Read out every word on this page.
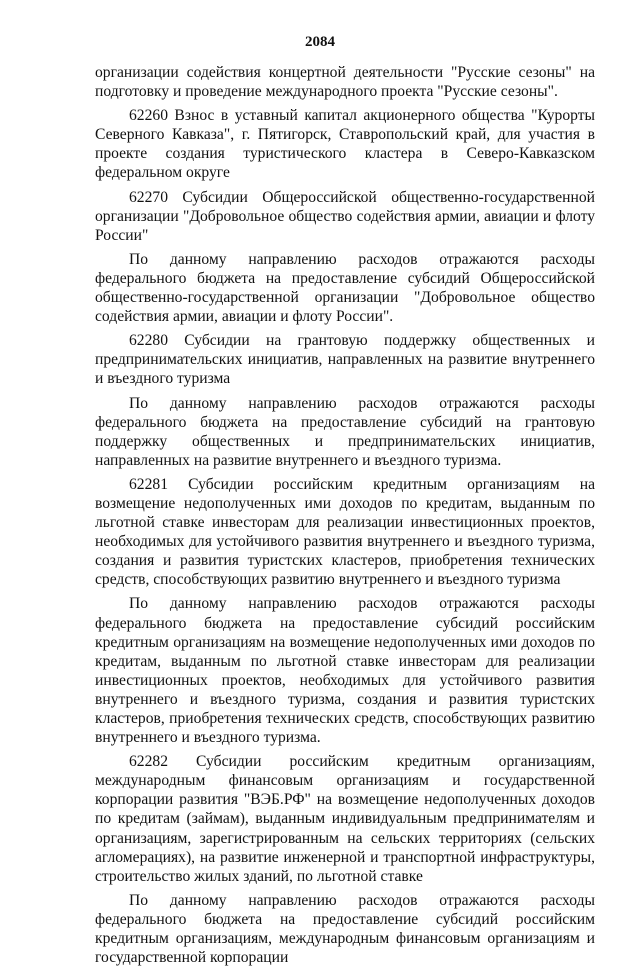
2084

организации содействия концертной деятельности "Русские сезоны" на подготовку и проведение международного проекта "Русские сезоны".

62260 Взнос в уставный капитал акционерного общества "Курорты Северного Кавказа", г. Пятигорск, Ставропольский край, для участия в проекте создания туристического кластера в Северо-Кавказском федеральном округе

62270 Субсидии Общероссийской общественно-государственной организации "Добровольное общество содействия армии, авиации и флоту России"

По данному направлению расходов отражаются расходы федерального бюджета на предоставление субсидий Общероссийской общественно-государственной организации "Добровольное общество содействия армии, авиации и флоту России".

62280 Субсидии на грантовую поддержку общественных и предпринимательских инициатив, направленных на развитие внутреннего и въездного туризма

По данному направлению расходов отражаются расходы федерального бюджета на предоставление субсидий на грантовую поддержку общественных и предпринимательских инициатив, направленных на развитие внутреннего и въездного туризма.

62281 Субсидии российским кредитным организациям на возмещение недополученных ими доходов по кредитам, выданным по льготной ставке инвесторам для реализации инвестиционных проектов, необходимых для устойчивого развития внутреннего и въездного туризма, создания и развития туристских кластеров, приобретения технических средств, способствующих развитию внутреннего и въездного туризма

По данному направлению расходов отражаются расходы федерального бюджета на предоставление субсидий российским кредитным организациям на возмещение недополученных ими доходов по кредитам, выданным по льготной ставке инвесторам для реализации инвестиционных проектов, необходимых для устойчивого развития внутреннего и въездного туризма, создания и развития туристских кластеров, приобретения технических средств, способствующих развитию внутреннего и въездного туризма.

62282 Субсидии российским кредитным организациям, международным финансовым организациям и государственной корпорации развития "ВЭБ.РФ" на возмещение недополученных доходов по кредитам (займам), выданным индивидуальным предпринимателям и организациям, зарегистрированным на сельских территориях (сельских агломерациях), на развитие инженерной и транспортной инфраструктуры, строительство жилых зданий, по льготной ставке

По данному направлению расходов отражаются расходы федерального бюджета на предоставление субсидий российским кредитным организациям, международным финансовым организациям и государственной корпорации
